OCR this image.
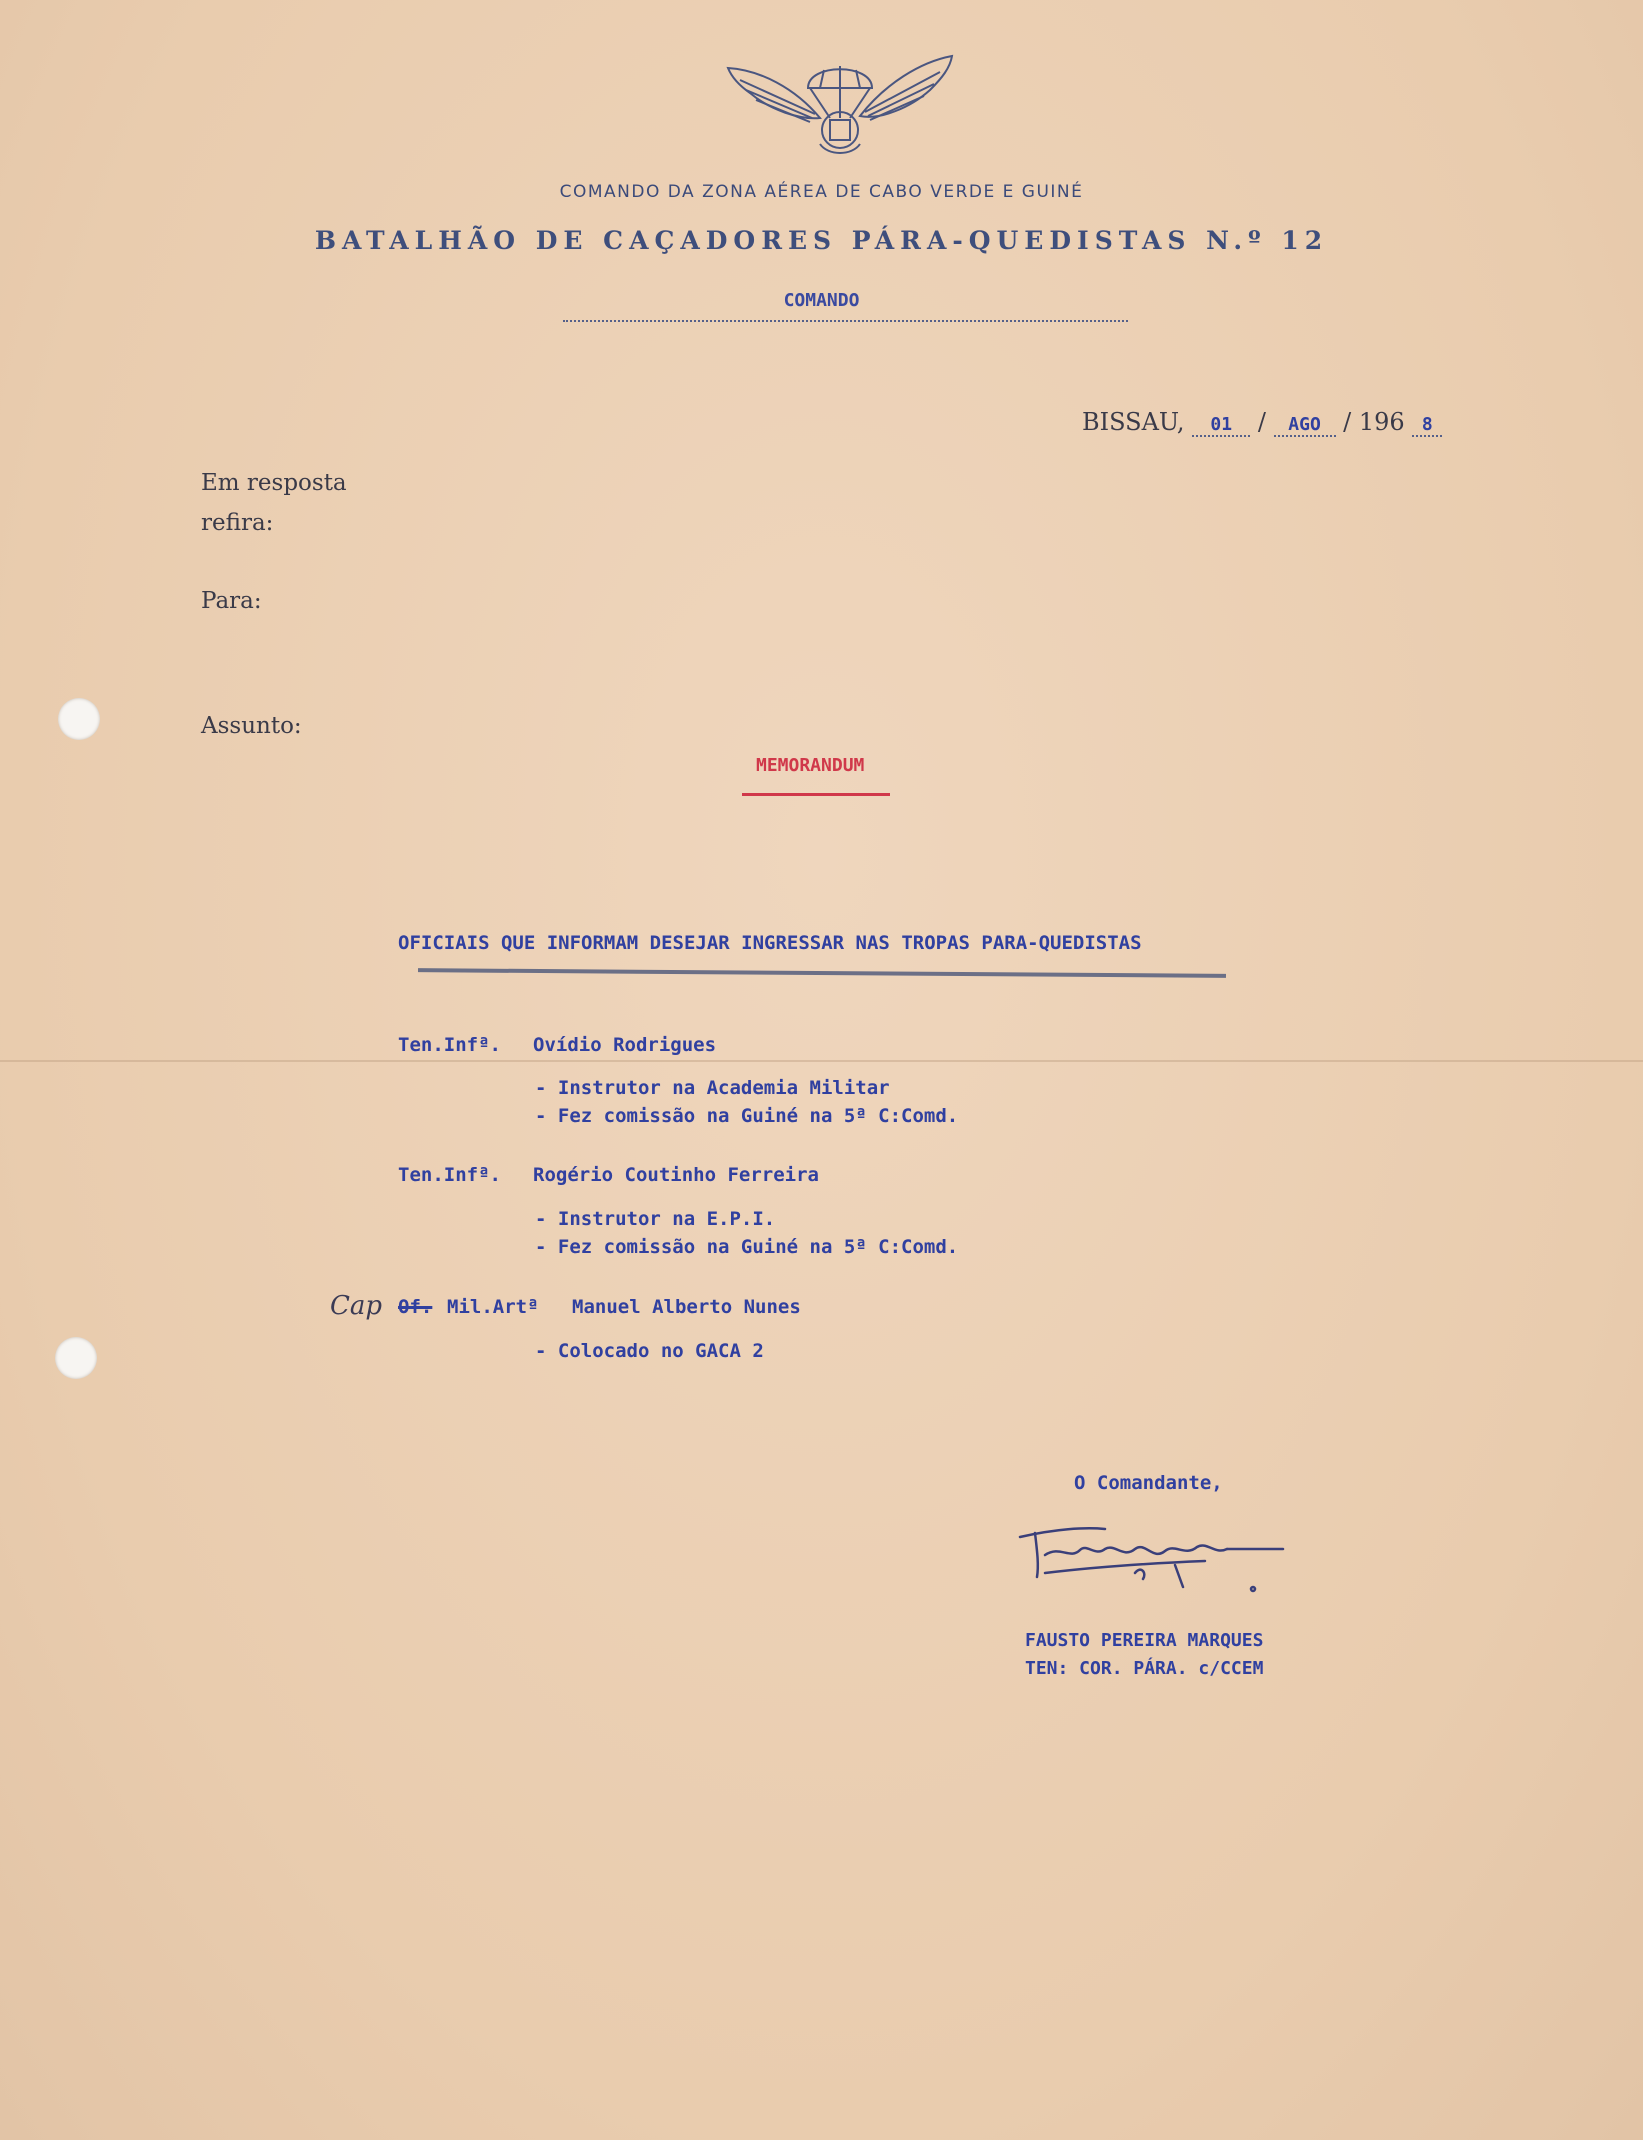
COMANDO DA ZONA AÉREA DE CABO VERDE E GUINÉ
BATALHÃO DE CAÇADORES PÁRA-QUEDISTAS N.º 12
COMANDO
BISSAU, 01 / AGO / 196 8
Em resposta
refira:
Para:
Assunto:
MEMORANDUM
OFICIAIS QUE INFORMAM DESEJAR INGRESSAR NAS TROPAS PARA-QUEDISTAS
Ten.Infª. Ovídio Rodrigues
- Instrutor na Academia Militar
- Fez comissão na Guiné na 5ª C:Comd.
Ten.Infª. Rogério Coutinho Ferreira
- Instrutor na E.P.I.
- Fez comissão na Guiné na 5ª C:Comd.
Cap Of. Mil.Artª Manuel Alberto Nunes
- Colocado no GACA 2
O Comandante,
FAUSTO PEREIRA MARQUES
TEN: COR. PÁRA. c/CCEM
